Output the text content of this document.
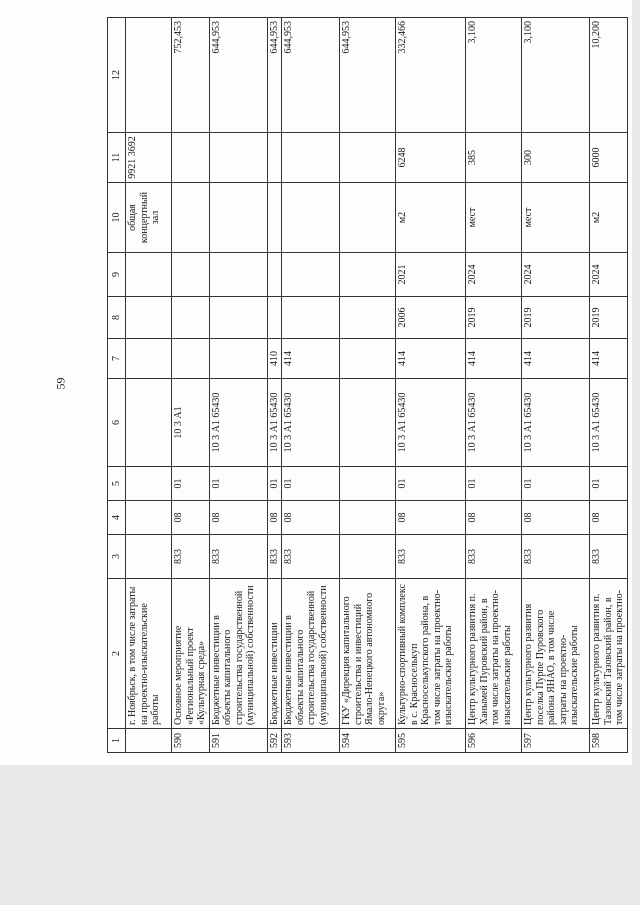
59
1	2	3	4	5	6	7	8	9	10	11	12
	г. Ноябрьск, в том числе затраты на проектно-изыскательские работы								общая концертный зал	9921 3692	
590	Основное мероприятие «Региональный проект «Культурная среда»	833	08	01	10 3 А1						752,453
591	Бюджетные инвестиции в объекты капитального строительства государственной (муниципальной) собственности	833	08	01	10 3 А1 65430						644,953
592	Бюджетные инвестиции	833	08	01	10 3 А1 65430	410					644,953
593	Бюджетные инвестиции в объекты капитального строительства государственной (муниципальной) собственности	833	08	01	10 3 А1 65430	414					644,953
594	ГКУ «Дирекция капитального строительства и инвестиций Ямало-Ненецкого автономного округа»										644,953
595	Культурно-спортивный комплекс в с. Красноселькуп Красноселькупского района, в том числе затраты на проектно-изыскательские работы	833	08	01	10 3 А1 65430	414	2006	2021	м2	6248	332,466
596	Центр культурного развития п. Ханымей Пуровский район, в том числе затраты на проектно-изыскательские работы	833	08	01	10 3 А1 65430	414	2019	2024	мест	385	3,100
597	Центр культурного развития поселка Пурпе Пуровского района ЯНАО, в том числе затраты на проектно-изыскательские работы	833	08	01	10 3 А1 65430	414	2019	2024	мест	300	3,100
598	Центр культурного развития п. Тазовский Тазовский район, в том числе затраты на проектно-	833	08	01	10 3 А1 65430	414	2019	2024	м2	6000	10,200
